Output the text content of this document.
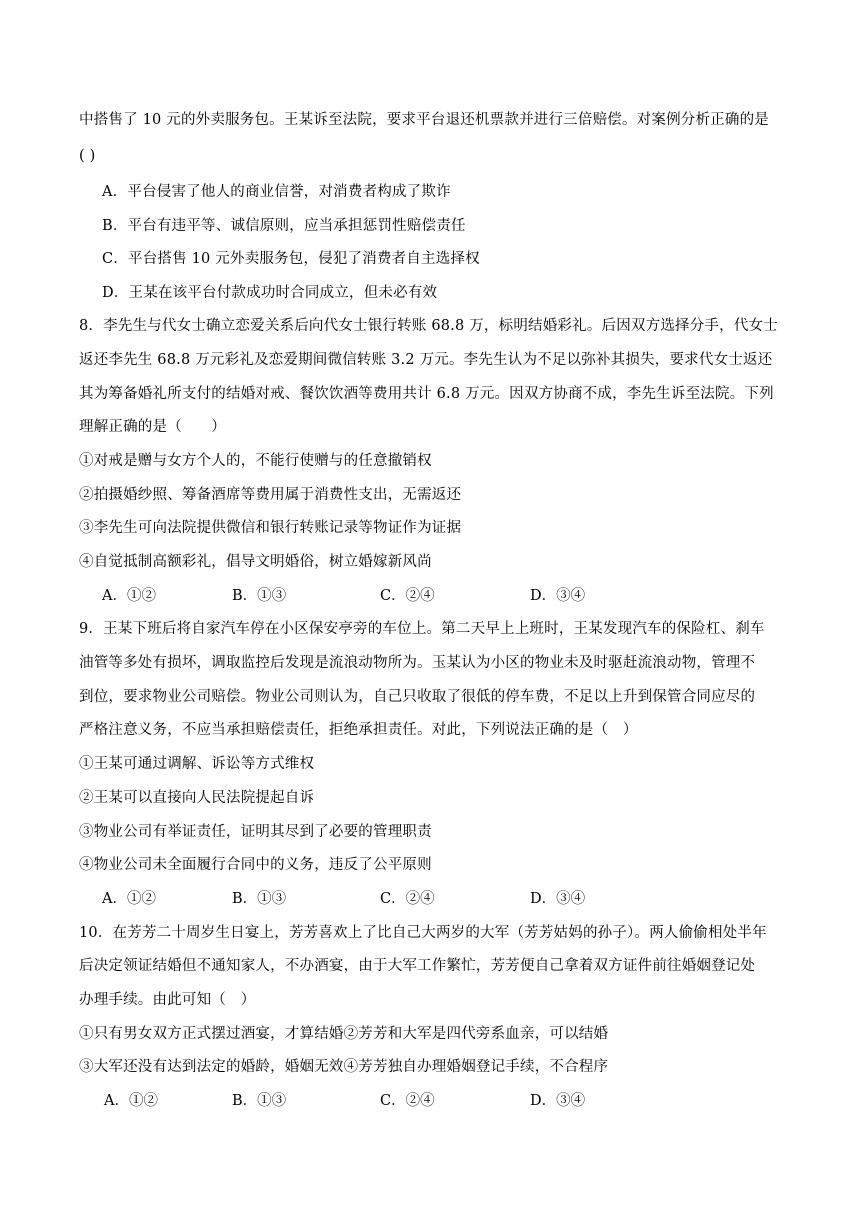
中搭售了 10 元的外卖服务包。王某诉至法院，要求平台退还机票款并进行三倍赔偿。对案例分析正确的是
( )
A．平台侵害了他人的商业信誉，对消费者构成了欺诈
B．平台有违平等、诚信原则，应当承担惩罚性赔偿责任
C．平台搭售 10 元外卖服务包，侵犯了消费者自主选择权
D．王某在该平台付款成功时合同成立，但未必有效
8．李先生与代女士确立恋爱关系后向代女士银行转账 68.8 万，标明结婚彩礼。后因双方选择分手，代女士
返还李先生 68.8 万元彩礼及恋爱期间微信转账 3.2 万元。李先生认为不足以弥补其损失，要求代女士返还
其为筹备婚礼所支付的结婚对戒、餐饮饮酒等费用共计 6.8 万元。因双方协商不成，李先生诉至法院。下列
理解正确的是（　　）
①对戒是赠与女方个人的，不能行使赠与的任意撤销权
②拍摄婚纱照、筹备酒席等费用属于消费性支出，无需返还
③李先生可向法院提供微信和银行转账记录等物证作为证据
④自觉抵制高额彩礼，倡导文明婚俗，树立婚嫁新风尚
A．①②	B．①③	C．②④	D．③④
9．王某下班后将自家汽车停在小区保安亭旁的车位上。第二天早上上班时，王某发现汽车的保险杠、刹车
油管等多处有损坏，调取监控后发现是流浪动物所为。玉某认为小区的物业未及时驱赶流浪动物，管理不
到位，要求物业公司赔偿。物业公司则认为，自己只收取了很低的停车费，不足以上升到保管合同应尽的
严格注意义务，不应当承担赔偿责任，拒绝承担责任。对此，下列说法正确的是（　）
①王某可通过调解、诉讼等方式维权
②王某可以直接向人民法院提起自诉
③物业公司有举证责任，证明其尽到了必要的管理职责
④物业公司未全面履行合同中的义务，违反了公平原则
A．①②	B．①③	C．②④	D．③④
10．在芳芳二十周岁生日宴上，芳芳喜欢上了比自己大两岁的大军（芳芳姑妈的孙子）。两人偷偷相处半年
后决定领证结婚但不通知家人，不办酒宴，由于大军工作繁忙，芳芳便自己拿着双方证件前往婚姻登记处
办理手续。由此可知（　）
①只有男女双方正式摆过酒宴，才算结婚②芳芳和大军是四代旁系血亲，可以结婚
③大军还没有达到法定的婚龄，婚姻无效④芳芳独自办理婚姻登记手续，不合程序
A．①②	B．①③	C．②④	D．③④
